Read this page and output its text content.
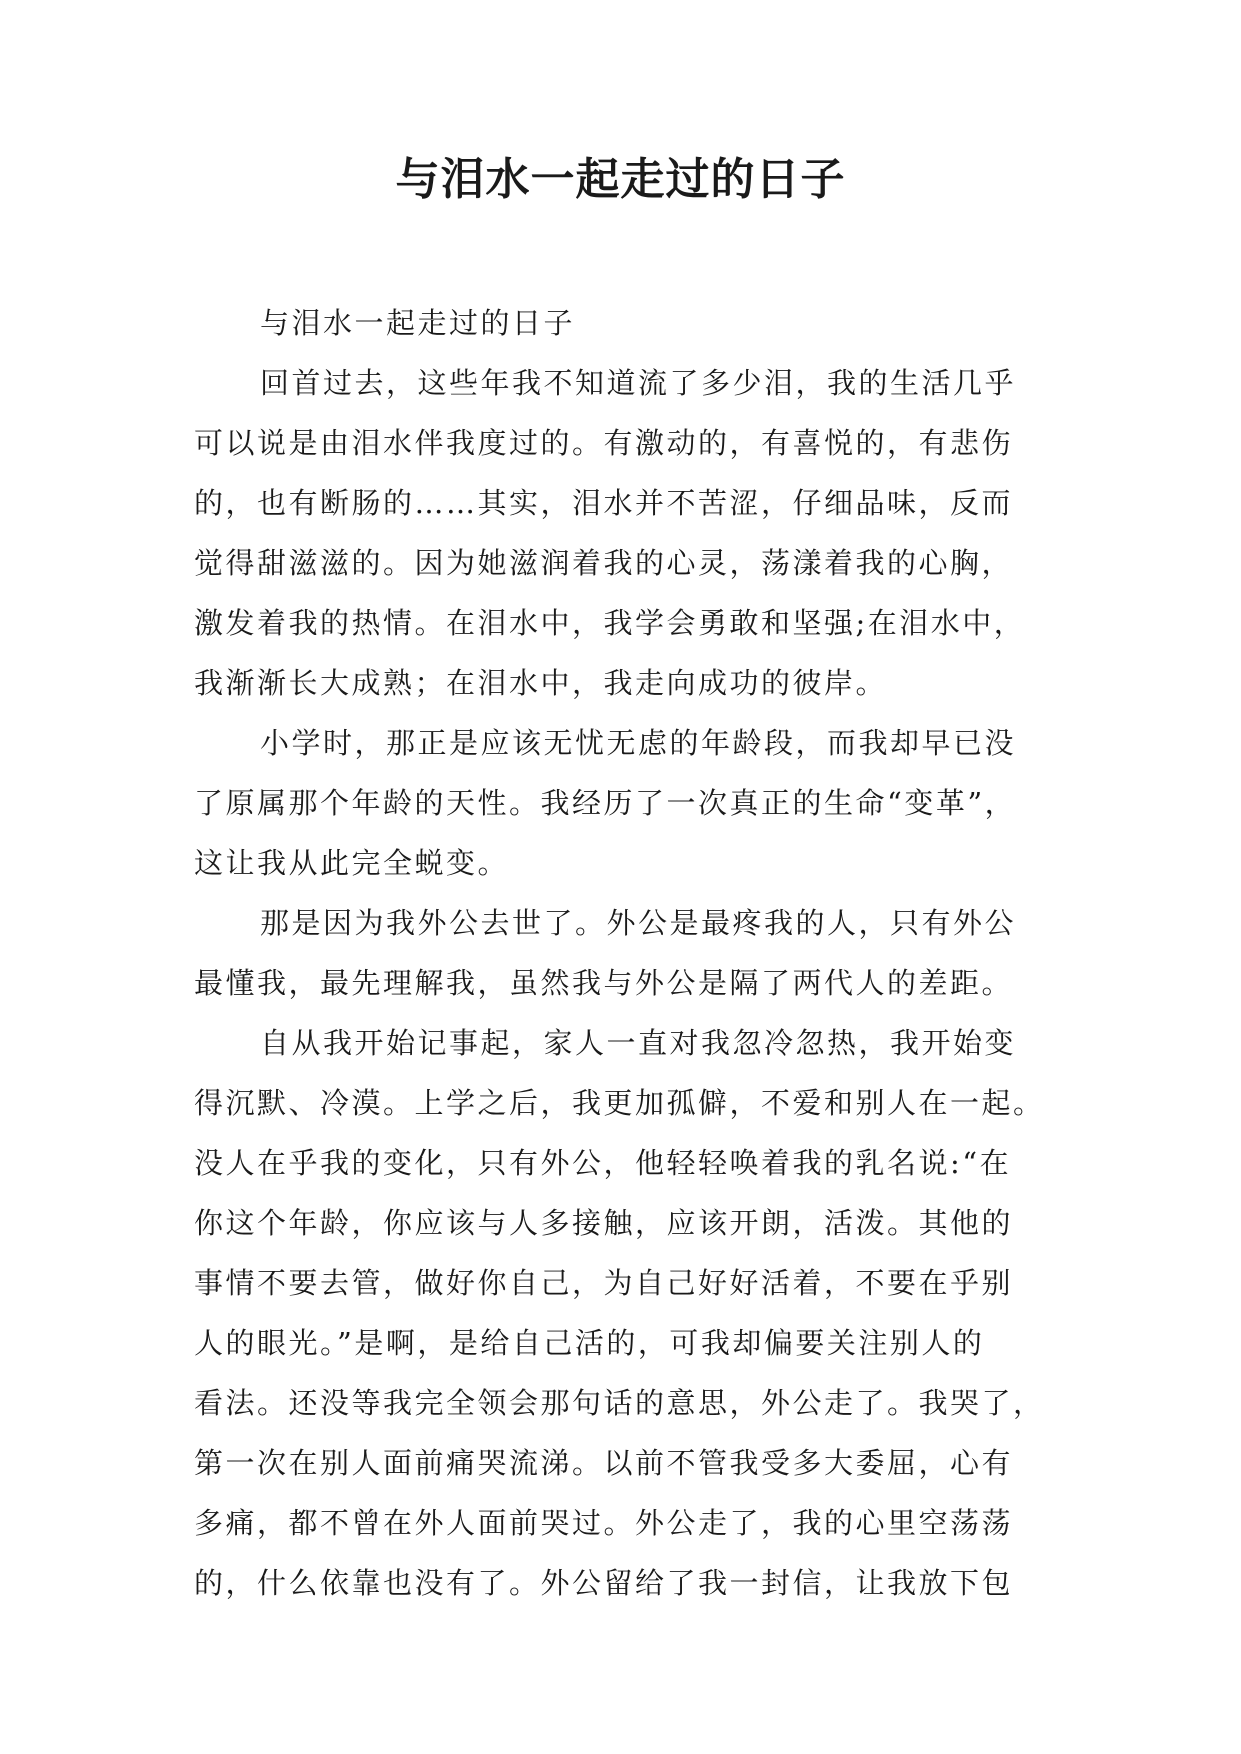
与泪水一起走过的日子
与泪水一起走过的日子
回首过去，这些年我不知道流了多少泪，我的生活几乎
可以说是由泪水伴我度过的。有激动的，有喜悦的，有悲伤
的，也有断肠的……其实，泪水并不苦涩，仔细品味，反而
觉得甜滋滋的。因为她滋润着我的心灵，荡漾着我的心胸，
激发着我的热情。在泪水中，我学会勇敢和坚强;在泪水中，
我渐渐长大成熟；在泪水中，我走向成功的彼岸。
小学时，那正是应该无忧无虑的年龄段，而我却早已没
了原属那个年龄的天性。我经历了一次真正的生命“变革”，
这让我从此完全蜕变。
那是因为我外公去世了。外公是最疼我的人，只有外公
最懂我，最先理解我，虽然我与外公是隔了两代人的差距。
自从我开始记事起，家人一直对我忽冷忽热，我开始变
得沉默、冷漠。上学之后，我更加孤僻，不爱和别人在一起。
没人在乎我的变化，只有外公，他轻轻唤着我的乳名说:“在
你这个年龄，你应该与人多接触，应该开朗，活泼。其他的
事情不要去管，做好你自己，为自己好好活着，不要在乎别
人的眼光。”是啊，是给自己活的，可我却偏要关注别人的
看法。还没等我完全领会那句话的意思，外公走了。我哭了，
第一次在别人面前痛哭流涕。以前不管我受多大委屈，心有
多痛，都不曾在外人面前哭过。外公走了，我的心里空荡荡
的，什么依靠也没有了。外公留给了我一封信，让我放下包
